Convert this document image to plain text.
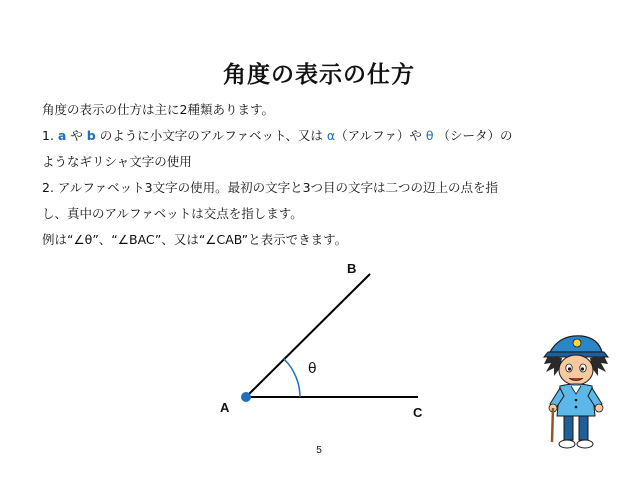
角度の表示の仕方
角度の表示の仕方は主に2種類あります。
1. a や b のように小文字のアルファベット、又は α（アルファ）や θ （シータ）の
ようなギリシャ文字の使用
2. アルファベット3文字の使用。最初の文字と3つ目の文字は二つの辺上の点を指
し、真中のアルファベットは交点を指します。
例は“∠θ”、“∠BAC”、又は“∠CAB”と表示できます。
A
B
C
θ
5
